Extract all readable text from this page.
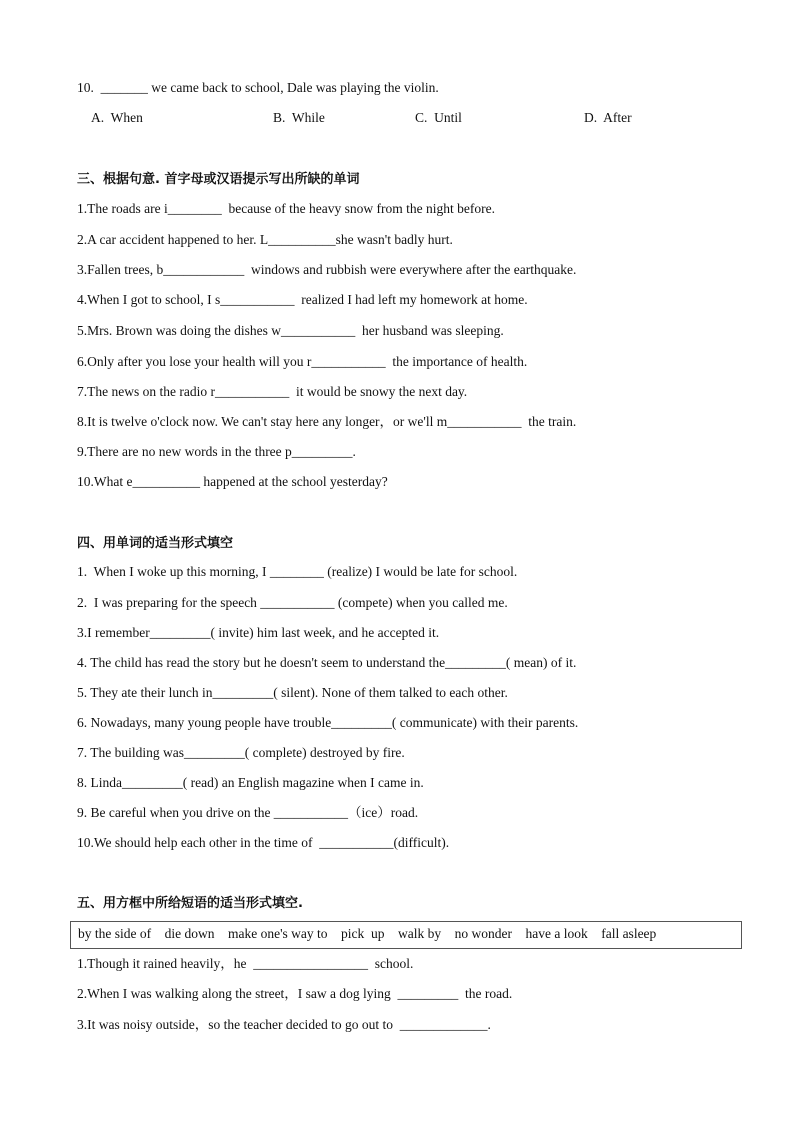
10.  _______ we came back to school, Dale was playing the violin.
A.  When	B.  While	C.  Until	D.  After
三、根据句意. 首字母或汉语提示写出所缺的单词
1.The roads are i________  because of the heavy snow from the night before.
2.A car accident happened to her. L__________she wasn't badly hurt.
3.Fallen trees, b____________  windows and rubbish were everywhere after the earthquake.
4.When I got to school, I s___________  realized I had left my homework at home.
5.Mrs. Brown was doing the dishes w___________  her husband was sleeping.
6.Only after you lose your health will you r___________  the importance of health.
7.The news on the radio r___________  it would be snowy the next day.
8.It is twelve o'clock now. We can't stay here any longer，or we'll m___________  the train.
9.There are no new words in the three p_________.
10.What e__________ happened at the school yesterday?
四、用单词的适当形式填空
1.  When I woke up this morning, I ________ (realize) I would be late for school.
2.  I was preparing for the speech ___________ (compete) when you called me.
3.I remember_________( invite) him last week, and he accepted it.
4. The child has read the story but he doesn't seem to understand the_________( mean) of it.
5. They ate their lunch in_________( silent). None of them talked to each other.
6. Nowadays, many young people have trouble_________( communicate) with their parents.
7. The building was_________( complete) destroyed by fire.
8. Linda_________( read) an English magazine when I came in.
9. Be careful when you drive on the ___________（ice）road.
10.We should help each other in the time of  ___________(difficult).
五、用方框中所给短语的适当形式填空.
by the side of    die down    make one's way to    pick  up    walk by    no wonder    have a look    fall asleep
1.Though it rained heavily，he  _________________  school.
2.When I was walking along the street，I saw a dog lying  _________  the road.
3.It was noisy outside，so the teacher decided to go out to  _____________.
